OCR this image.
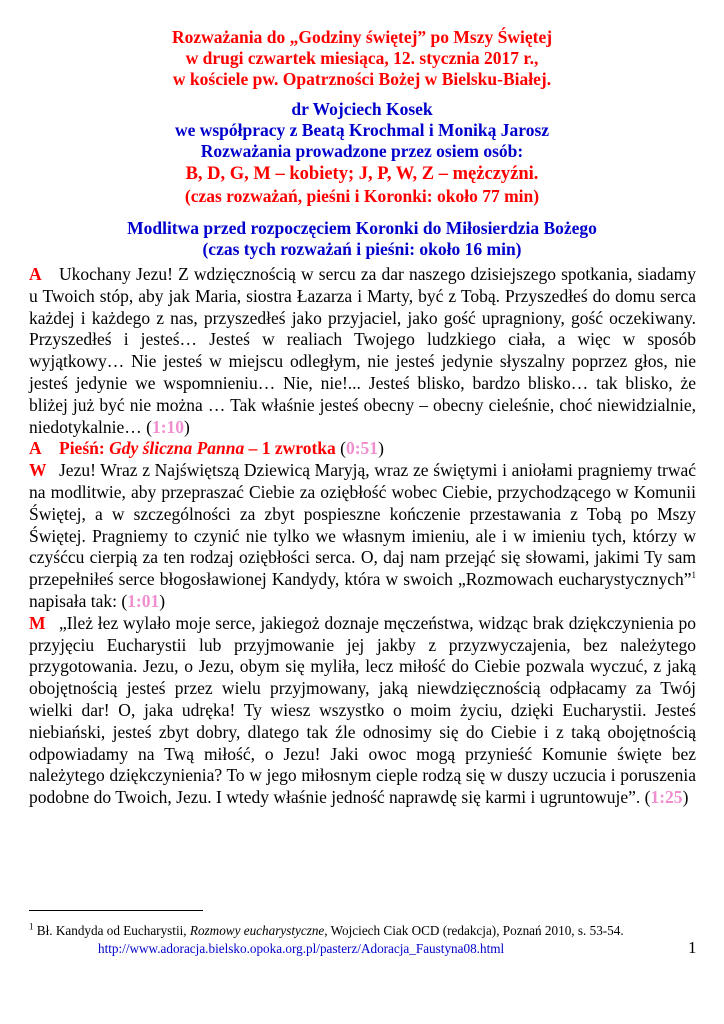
Rozważania do „Godziny świętej” po Mszy Świętej
w drugi czwartek miesiąca, 12. stycznia 2017 r.,
w kościele pw. Opatrzności Bożej w Bielsku-Białej.
dr Wojciech Kosek
we współpracy z Beatą Krochmal i Moniką Jarosz
Rozważania prowadzone przez osiem osób:
B, D, G, M – kobiety; J, P, W, Z – mężczyźni.
(czas rozważań, pieśni i Koronki: około 77 min)
Modlitwa przed rozpoczęciem Koronki do Miłosierdzia Bożego
(czas tych rozważań i pieśni: około 16 min)

A Ukochany Jezu! Z wdzięcznością w sercu za dar naszego dzisiejszego spotkania, siadamy u Twoich stóp, aby jak Maria, siostra Łazarza i Marty, być z Tobą. Przyszedłeś do domu serca każdej i każdego z nas, przyszedłeś jako przyjaciel, jako gość upragniony, gość oczekiwany. Przyszedłeś i jesteś… Jesteś w realiach Twojego ludzkiego ciała, a więc w sposób wyjątkowy… Nie jesteś w miejscu odległym, nie jesteś jedynie słyszalny poprzez głos, nie jesteś jedynie we wspomnieniu… Nie, nie!... Jesteś blisko, bardzo blisko… tak blisko, że bliżej już być nie można … Tak właśnie jesteś obecny – obecny cieleśnie, choć niewidzialnie, niedotykalnie… (1:10)

A Pieśń: Gdy śliczna Panna – 1 zwrotka (0:51)

W Jezu! Wraz z Najświętszą Dziewicą Maryją, wraz ze świętymi i aniołami pragniemy trwać na modlitwie, aby przepraszać Ciebie za oziębłość wobec Ciebie, przychodzącego w Komunii Świętej, a w szczególności za zbyt pospieszne kończenie przestawania z Tobą po Mszy Świętej. Pragniemy to czynić nie tylko we własnym imieniu, ale i w imieniu tych, którzy w czyśćcu cierpią za ten rodzaj oziębłości serca. O, daj nam przejąć się słowami, jakimi Ty sam przepełniłeś serce błogosławionej Kandydy, która w swoich „Rozmowach eucharystycznych”$^1$ napisała tak: (1:01)

M „Ileż łez wylało moje serce, jakiegoż doznaje męczeństwa, widząc brak dziękczynienia po przyjęciu Eucharystii lub przyjmowanie jej jakby z przyzwyczajenia, bez należytego przygotowania. Jezu, o Jezu, obym się myliła, lecz miłość do Ciebie pozwala wyczuć, z jaką obojętnością jesteś przez wielu przyjmowany, jaką niewdzięcznością odpłacamy za Twój wielki dar! O, jaka udręka! Ty wiesz wszystko o moim życiu, dzięki Eucharystii. Jesteś niebiański, jesteś zbyt dobry, dlatego tak źle odnosimy się do Ciebie i z taką obojętnością odpowiadamy na Twą miłość, o Jezu! Jaki owoc mogą przynieść Komunie święte bez należytego dziękczynienia? To w jego miłosnym cieple rodzą się w duszy uczucia i poruszenia podobne do Twoich, Jezu. I wtedy właśnie jedność naprawdę się karmi i ugruntowuje”. (1:25)

$^1$ Bł. Kandyda od Eucharystii, Rozmowy eucharystyczne, Wojciech Ciak OCD (redakcja), Poznań 2010, s. 53-54.
http://www.adoracja.bielsko.opoka.org.pl/pasterz/Adoracja_Faustyna08.html	1
